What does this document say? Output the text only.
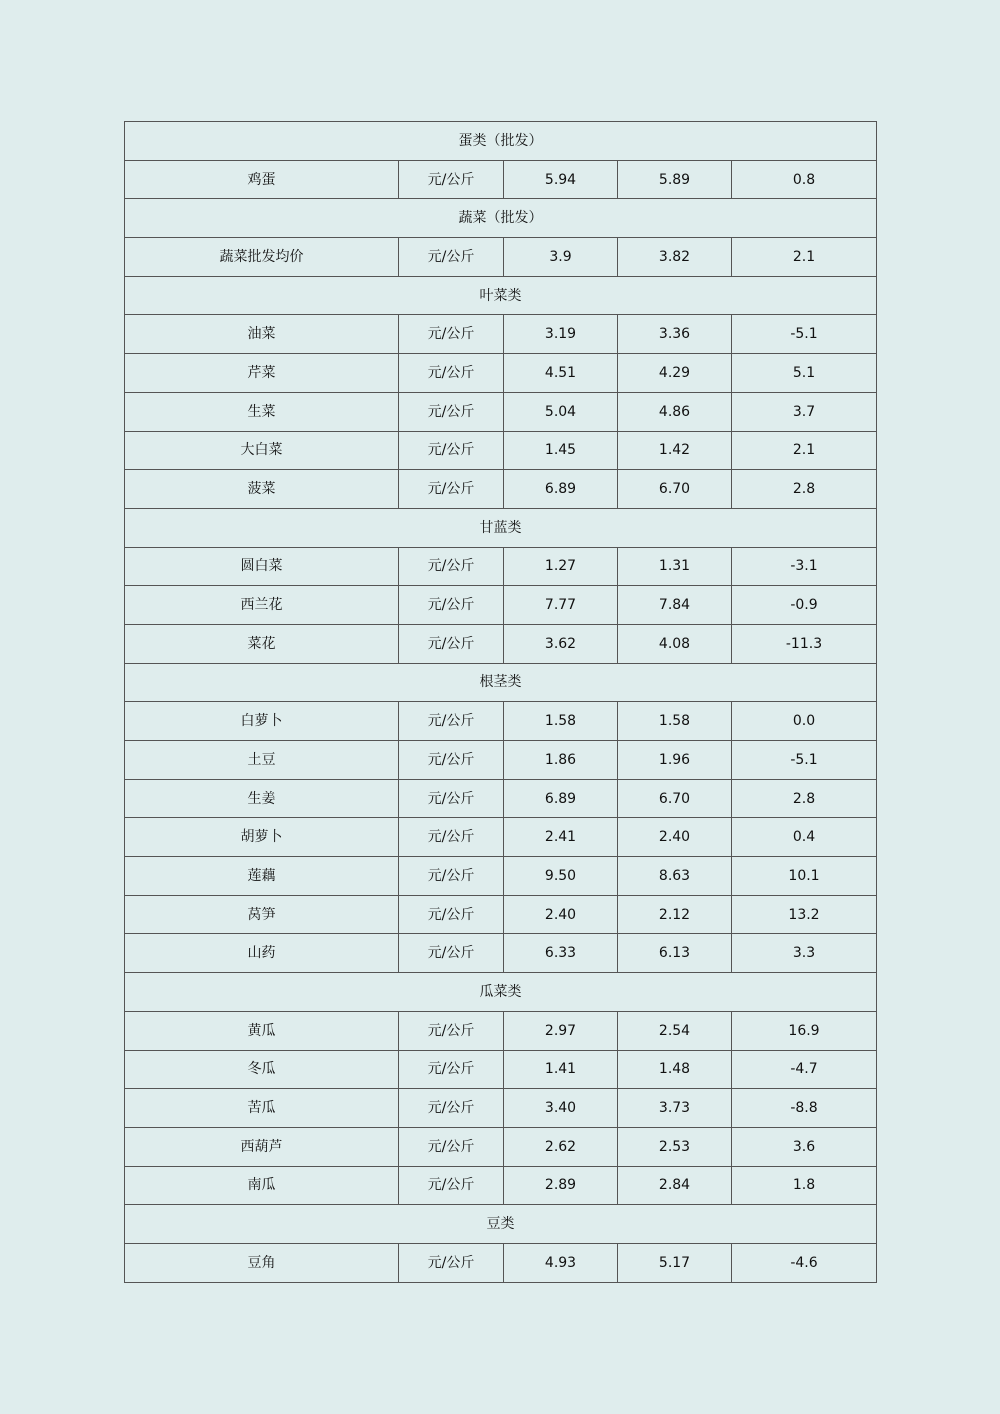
蛋类（批发）				
鸡蛋	元/公斤	5.94	5.89	0.8
蔬菜（批发）				
蔬菜批发均价	元/公斤	3.9	3.82	2.1
叶菜类				
油菜	元/公斤	3.19	3.36	-5.1
芹菜	元/公斤	4.51	4.29	5.1
生菜	元/公斤	5.04	4.86	3.7
大白菜	元/公斤	1.45	1.42	2.1
菠菜	元/公斤	6.89	6.70	2.8
甘蓝类				
圆白菜	元/公斤	1.27	1.31	-3.1
西兰花	元/公斤	7.77	7.84	-0.9
菜花	元/公斤	3.62	4.08	-11.3
根茎类				
白萝卜	元/公斤	1.58	1.58	0.0
土豆	元/公斤	1.86	1.96	-5.1
生姜	元/公斤	6.89	6.70	2.8
胡萝卜	元/公斤	2.41	2.40	0.4
莲藕	元/公斤	9.50	8.63	10.1
莴笋	元/公斤	2.40	2.12	13.2
山药	元/公斤	6.33	6.13	3.3
瓜菜类				
黄瓜	元/公斤	2.97	2.54	16.9
冬瓜	元/公斤	1.41	1.48	-4.7
苦瓜	元/公斤	3.40	3.73	-8.8
西葫芦	元/公斤	2.62	2.53	3.6
南瓜	元/公斤	2.89	2.84	1.8
豆类				
豆角	元/公斤	4.93	5.17	-4.6
